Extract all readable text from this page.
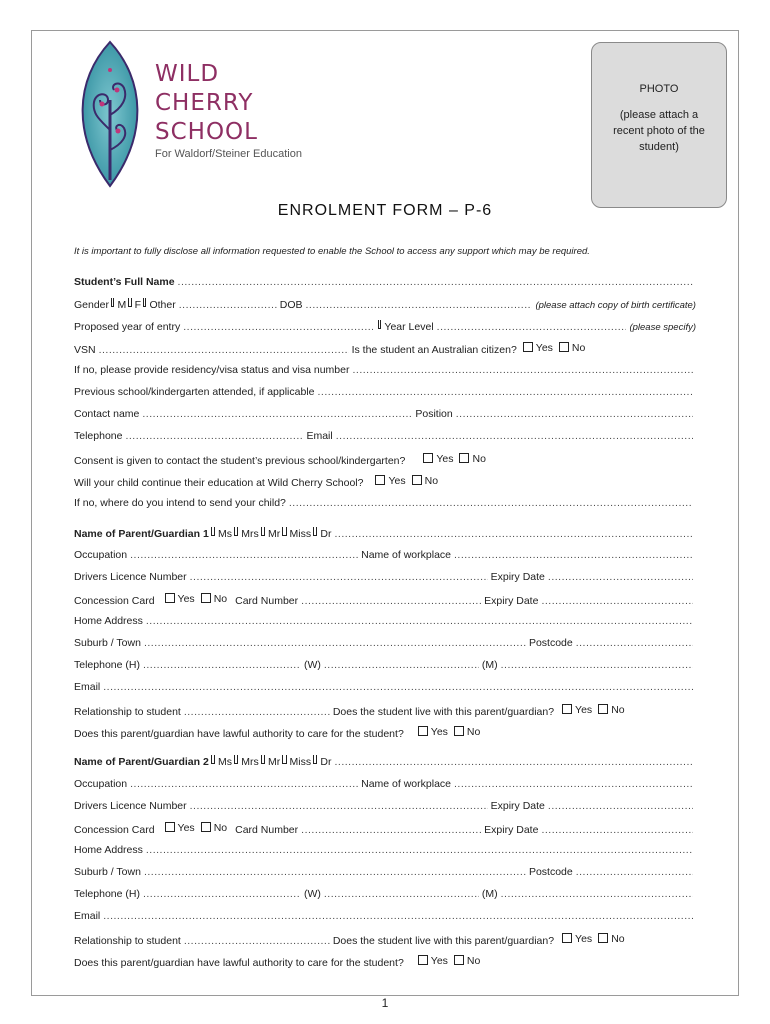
WILD
CHERRY
SCHOOL
For Waldorf/Steiner Education
PHOTO
(please attach a recent photo of the student)
ENROLMENT FORM – P-6
It is important to fully disclose all information requested to enable the School to access any support which may be required.
Student’s Full Name
.....
Gender M F Other .....	DOB .....	(please attach copy of birth certificate)
Proposed year of entry .....	Year Level .....	(please specify)
VSN .....	Is the student an Australian citizen? Yes No
If no, please provide residency/visa status and visa number
.....
Previous school/kindergarten attended, if applicable
.....
Contact name .....	Position
.....
Telephone .....	Email
.....
Consent is given to contact the student’s previous school/kindergarten?	Yes No
Will your child continue their education at Wild Cherry School? Yes No
If no, where do you intend to send your child?
.....
Name of Parent/Guardian 1 Ms Mrs Mr Miss Dr
.....
Occupation .....	Name of workplace
.....
Drivers Licence Number .....	Expiry Date
.....
Concession Card Yes No Card Number .....	Expiry Date
.....
Home Address
.....
Suburb / Town .....	Postcode
.....
Telephone (H) .....	(W) .....	(M)
.....
Email
.....
Relationship to student .....	Does the student live with this parent/guardian? Yes No
Does this parent/guardian have lawful authority to care for the student?	Yes No
Name of Parent/Guardian 2 Ms Mrs Mr Miss Dr
.....
Occupation .....	Name of workplace
.....
Drivers Licence Number .....	Expiry Date
.....
Concession Card Yes No Card Number .....	Expiry Date
.....
Home Address
.....
Suburb / Town .....	Postcode
.....
Telephone (H) .....	(W) .....	(M)
.....
Email
.....
Relationship to student .....	Does the student live with this parent/guardian? Yes No
Does this parent/guardian have lawful authority to care for the student?	Yes No
1
